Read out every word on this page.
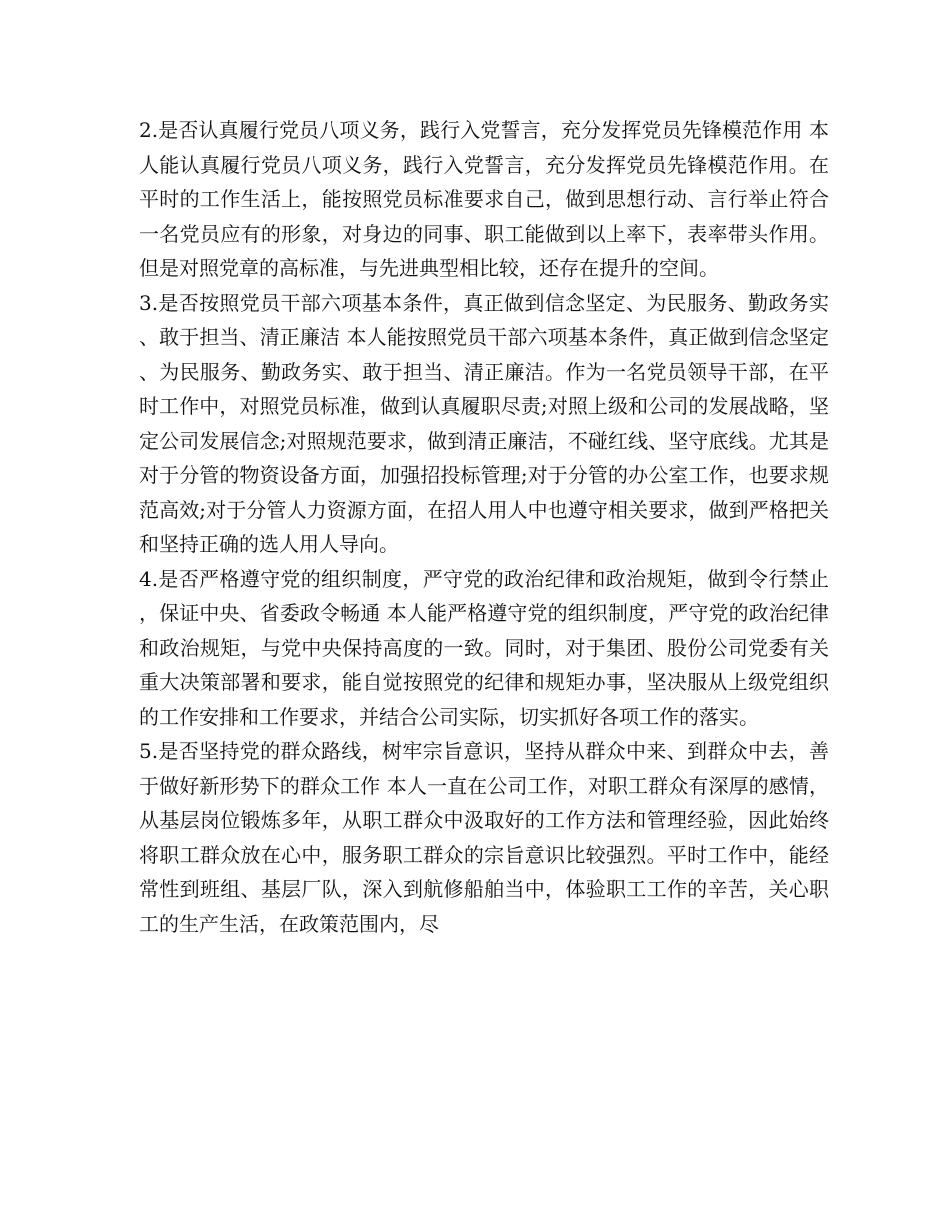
2.是否认真履行党员八项义务，践行入党誓言，充分发挥党员先锋模范作用 本人能认真履行党员八项义务，践行入党誓言，充分发挥党员先锋模范作用。在平时的工作生活上，能按照党员标准要求自己，做到思想行动、言行举止符合一名党员应有的形象，对身边的同事、职工能做到以上率下，表率带头作用。但是对照党章的高标准，与先进典型相比较，还存在提升的空间。

3.是否按照党员干部六项基本条件，真正做到信念坚定、为民服务、勤政务实、敢于担当、清正廉洁 本人能按照党员干部六项基本条件，真正做到信念坚定、为民服务、勤政务实、敢于担当、清正廉洁。作为一名党员领导干部，在平时工作中，对照党员标准，做到认真履职尽责;对照上级和公司的发展战略，坚定公司发展信念;对照规范要求，做到清正廉洁，不碰红线、坚守底线。尤其是对于分管的物资设备方面，加强招投标管理;对于分管的办公室工作，也要求规范高效;对于分管人力资源方面，在招人用人中也遵守相关要求，做到严格把关和坚持正确的选人用人导向。

4.是否严格遵守党的组织制度，严守党的政治纪律和政治规矩，做到令行禁止，保证中央、省委政令畅通 本人能严格遵守党的组织制度，严守党的政治纪律和政治规矩，与党中央保持高度的一致。同时，对于集团、股份公司党委有关重大决策部署和要求，能自觉按照党的纪律和规矩办事，坚决服从上级党组织的工作安排和工作要求，并结合公司实际，切实抓好各项工作的落实。

5.是否坚持党的群众路线，树牢宗旨意识，坚持从群众中来、到群众中去，善于做好新形势下的群众工作 本人一直在公司工作，对职工群众有深厚的感情，从基层岗位锻炼多年，从职工群众中汲取好的工作方法和管理经验，因此始终将职工群众放在心中，服务职工群众的宗旨意识比较强烈。平时工作中，能经常性到班组、基层厂队，深入到航修船舶当中，体验职工工作的辛苦，关心职工的生产生活，在政策范围内，尽
